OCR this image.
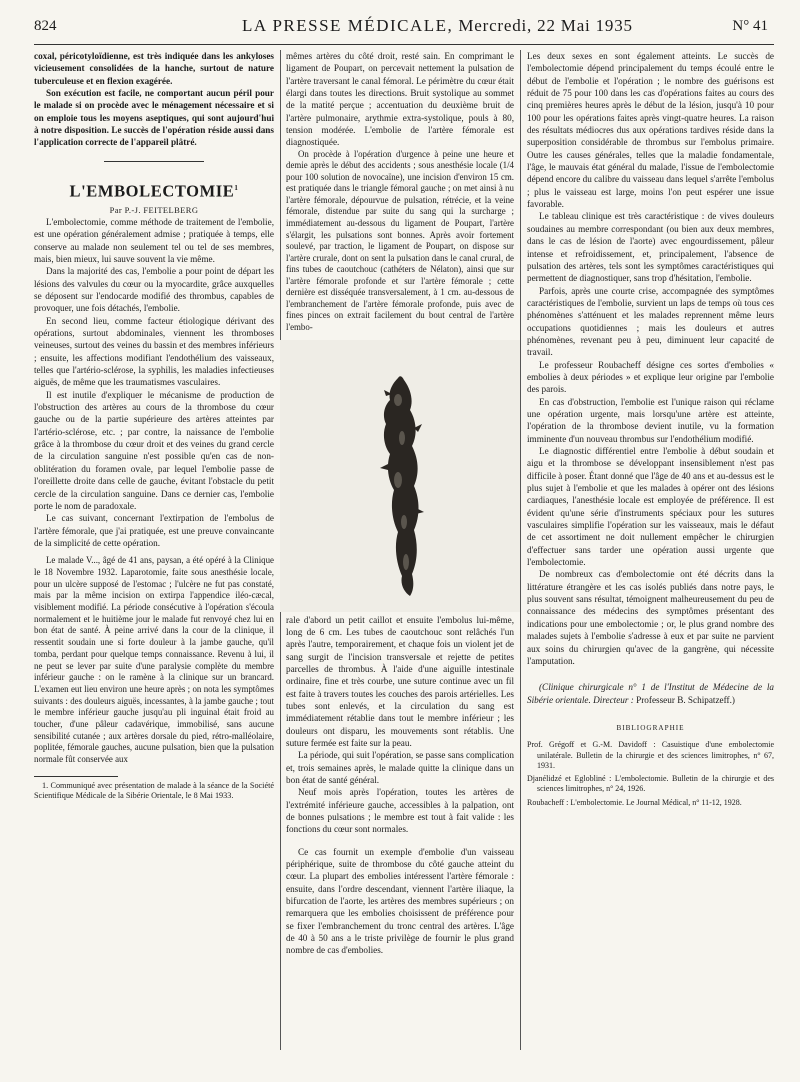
824	LA PRESSE MÉDICALE, Mercredi, 22 Mai 1935	N° 41

coxal, péricotyloïdienne, est très indiquée dans les ankyloses vicieusement consolidées de la hanche, surtout de nature tuberculeuse et en flexion exagérée.

Son exécution est facile, ne comportant aucun péril pour le malade si on procède avec le ménagement nécessaire et si on emploie tous les moyens aseptiques, qui sont aujourd'hui à notre disposition. Le succès de l'opération réside aussi dans l'application correcte de l'appareil plâtré.

L'EMBOLECTOMIE$^1$

Par P.-J. FEITELBERG

L'embolectomie, comme méthode de traitement de l'embolie, est une opération généralement admise ; pratiquée à temps, elle conserve au malade non seulement tel ou tel de ses membres, mais, bien mieux, lui sauve souvent la vie même.

Dans la majorité des cas, l'embolie a pour point de départ les lésions des valvules du cœur ou la myocardite, grâce auxquelles se déposent sur l'endocarde modifié des thrombus, capables de provoquer, une fois détachés, l'embolie.

En second lieu, comme facteur étiologique dérivant des opérations, surtout abdominales, viennent les thromboses veineuses, surtout des veines du bassin et des membres inférieurs ; ensuite, les affections modifiant l'endothélium des vaisseaux, telles que l'artério-sclérose, la syphilis, les maladies infectieuses aiguës, de même que les traumatismes vasculaires.

Il est inutile d'expliquer le mécanisme de production de l'obstruction des artères au cours de la thrombose du cœur gauche ou de la partie supérieure des artères atteintes par l'artério-sclérose, etc. ; par contre, la naissance de l'embolie grâce à la thrombose du cœur droit et des veines du grand cercle de la circulation sanguine n'est possible qu'en cas de non-oblitération du foramen ovale, par lequel l'embolie passe de l'oreillette droite dans celle de gauche, évitant l'obstacle du petit cercle de la circulation sanguine. Dans ce dernier cas, l'embolie porte le nom de paradoxale.

Le cas suivant, concernant l'extirpation de l'embolus de l'artère fémorale, que j'ai pratiquée, est une preuve convaincante de la simplicité de cette opération.

Le malade V..., âgé de 41 ans, paysan, a été opéré à la Clinique le 18 Novembre 1932. Laparotomie, faite sous anesthésie locale, pour un ulcère supposé de l'estomac ; l'ulcère ne fut pas constaté, mais par la même incision on extirpa l'appendice iléo-cæcal, visiblement modifié. La période consécutive à l'opération s'écoula normalement et le huitième jour le malade fut renvoyé chez lui en bon état de santé. À peine arrivé dans la cour de la clinique, il ressentit soudain une si forte douleur à la jambe gauche, qu'il tomba, perdant pour quelque temps connaissance. Revenu à lui, il ne peut se lever par suite d'une paralysie complète du membre inférieur gauche : on le ramène à la clinique sur un brancard. L'examen eut lieu environ une heure après ; on nota les symptômes suivants : des douleurs aiguës, incessantes, à la jambe gauche ; tout le membre inférieur gauche jusqu'au pli inguinal était froid au toucher, d'une pâleur cadavérique, immobilisé, sans aucune sensibilité cutanée ; aux artères dorsale du pied, rétro-malléolaire, poplitée, fémorale gauches, aucune pulsation, bien que la pulsation normale fût conservée aux

1. Communiqué avec présentation de malade à la séance de la Société Scientifique Médicale de la Sibérie Orientale, le 8 Mai 1933.

mêmes artères du côté droit, resté sain. En comprimant le ligament de Poupart, on percevait nettement la pulsation de l'artère traversant le canal fémoral. Le périmètre du cœur était élargi dans toutes les directions. Bruit systolique au sommet de la matité perçue ; accentuation du deuxième bruit de l'artère pulmonaire, arythmie extra-systolique, pouls à 80, tension modérée. L'embolie de l'artère fémorale est diagnostiquée.

On procède à l'opération d'urgence à peine une heure et demie après le début des accidents ; sous anesthésie locale (1/4 pour 100 solution de novocaïne), une incision d'environ 15 cm. est pratiquée dans le triangle fémoral gauche ; on met ainsi à nu l'artère fémorale, dépourvue de pulsation, rétrécie, et la veine fémorale, distendue par suite du sang qui la surcharge ; immédiatement au-dessous du ligament de Poupart, l'artère s'élargit, les pulsations sont bonnes. Après avoir fortement soulevé, par traction, le ligament de Poupart, on dispose sur l'artère crurale, dont on sent la pulsation dans le canal crural, de fins tubes de caoutchouc (cathéters de Nélaton), ainsi que sur l'artère fémorale profonde et sur l'artère fémorale ; cette dernière est disséquée transversalement, à 1 cm. au-dessous de l'embranchement de l'artère fémorale profonde, puis avec de fines pinces on extrait facilement du bout central de l'artère l'embo-

rale d'abord un petit caillot et ensuite l'embolus lui-même, long de 6 cm. Les tubes de caoutchouc sont relâchés l'un après l'autre, temporairement, et chaque fois un violent jet de sang surgit de l'incision transversale et rejette de petites parcelles de thrombus. À l'aide d'une aiguille intestinale ordinaire, fine et très courbe, une suture continue avec un fil est faite à travers toutes les couches des parois artérielles. Les tubes sont enlevés, et la circulation du sang est immédiatement rétablie dans tout le membre inférieur ; les douleurs ont disparu, les mouvements sont rétablis. Une suture fermée est faite sur la peau.

La période, qui suit l'opération, se passe sans complication et, trois semaines après, le malade quitte la clinique dans un bon état de santé général.

Neuf mois après l'opération, toutes les artères de l'extrémité inférieure gauche, accessibles à la palpation, ont de bonnes pulsations ; le membre est tout à fait valide : les fonctions du cœur sont normales.

Ce cas fournit un exemple d'embolie d'un vaisseau périphérique, suite de thrombose du côté gauche atteint du cœur. La plupart des embolies intéressent l'artère fémorale : ensuite, dans l'ordre descendant, viennent l'artère iliaque, la bifurcation de l'aorte, les artères des membres supérieurs ; on remarquera que les embolies choisissent de préférence pour se fixer l'embranchement du tronc central des artères. L'âge de 40 à 50 ans a le triste privilège de fournir le plus grand nombre de cas d'embolies.

Les deux sexes en sont également atteints. Le succès de l'embolectomie dépend principalement du temps écoulé entre le début de l'embolie et l'opération ; le nombre des guérisons est réduit de 75 pour 100 dans les cas d'opérations faites au cours des cinq premières heures après le début de la lésion, jusqu'à 10 pour 100 pour les opérations faites après vingt-quatre heures. La raison des résultats médiocres dus aux opérations tardives réside dans la superposition considérable de thrombus sur l'embolus primaire. Outre les causes générales, telles que la maladie fondamentale, l'âge, le mauvais état général du malade, l'issue de l'embolectomie dépend encore du calibre du vaisseau dans lequel s'arrête l'embolus ; plus le vaisseau est large, moins l'on peut espérer une issue favorable.

Le tableau clinique est très caractéristique : de vives douleurs soudaines au membre correspondant (ou bien aux deux membres, dans le cas de lésion de l'aorte) avec engourdissement, pâleur intense et refroidissement, et, principalement, l'absence de pulsation des artères, tels sont les symptômes caractéristiques qui permettent de diagnostiquer, sans trop d'hésitation, l'embolie.

Parfois, après une courte crise, accompagnée des symptômes caractéristiques de l'embolie, survient un laps de temps où tous ces phénomènes s'atténuent et les malades reprennent même leurs occupations quotidiennes ; mais les douleurs et autres phénomènes, revenant peu à peu, diminuent leur capacité de travail.

Le professeur Roubacheff désigne ces sortes d'embolies « embolies à deux périodes » et explique leur origine par l'embolie des parois.

En cas d'obstruction, l'embolie est l'unique raison qui réclame une opération urgente, mais lorsqu'une artère est atteinte, l'opération de la thrombose devient inutile, vu la formation imminente d'un nouveau thrombus sur l'endothélium modifié.

Le diagnostic différentiel entre l'embolie à début soudain et aigu et la thrombose se développant insensiblement n'est pas difficile à poser. Étant donné que l'âge de 40 ans et au-dessus est le plus sujet à l'embolie et que les malades à opérer ont des lésions cardiaques, l'anesthésie locale est employée de préférence. Il est évident qu'une série d'instruments spéciaux pour les sutures vasculaires simplifie l'opération sur les vaisseaux, mais le défaut de cet assortiment ne doit nullement empêcher le chirurgien d'effectuer sans tarder une opération aussi urgente que l'embolectomie.

De nombreux cas d'embolectomie ont été décrits dans la littérature étrangère et les cas isolés publiés dans notre pays, le plus souvent sans résultat, témoignent malheureusement du peu de connaissance des médecins des symptômes présentant des indications pour une embolectomie ; or, le plus grand nombre des malades sujets à l'embolie s'adresse à eux et par suite ne parvient aux soins du chirurgien qu'avec de la gangrène, qui nécessite l'amputation.

(Clinique chirurgicale n° 1 de l'Institut de Médecine de la Sibérie orientale. Directeur : Professeur B. Schipatzeff.)

BIBLIOGRAPHIE

Prof. Grégoff et G.-M. Davidoff : Casuistique d'une embolectomie unilatérale. Bulletin de la chirurgie et des sciences limitrophes, n° 67, 1931.

Djanélidzé et Eglobliné : L'embolectomie. Bulletin de la chirurgie et des sciences limitrophes, n° 24, 1926.

Roubacheff : L'embolectomie. Le Journal Médical, n° 11-12, 1928.
